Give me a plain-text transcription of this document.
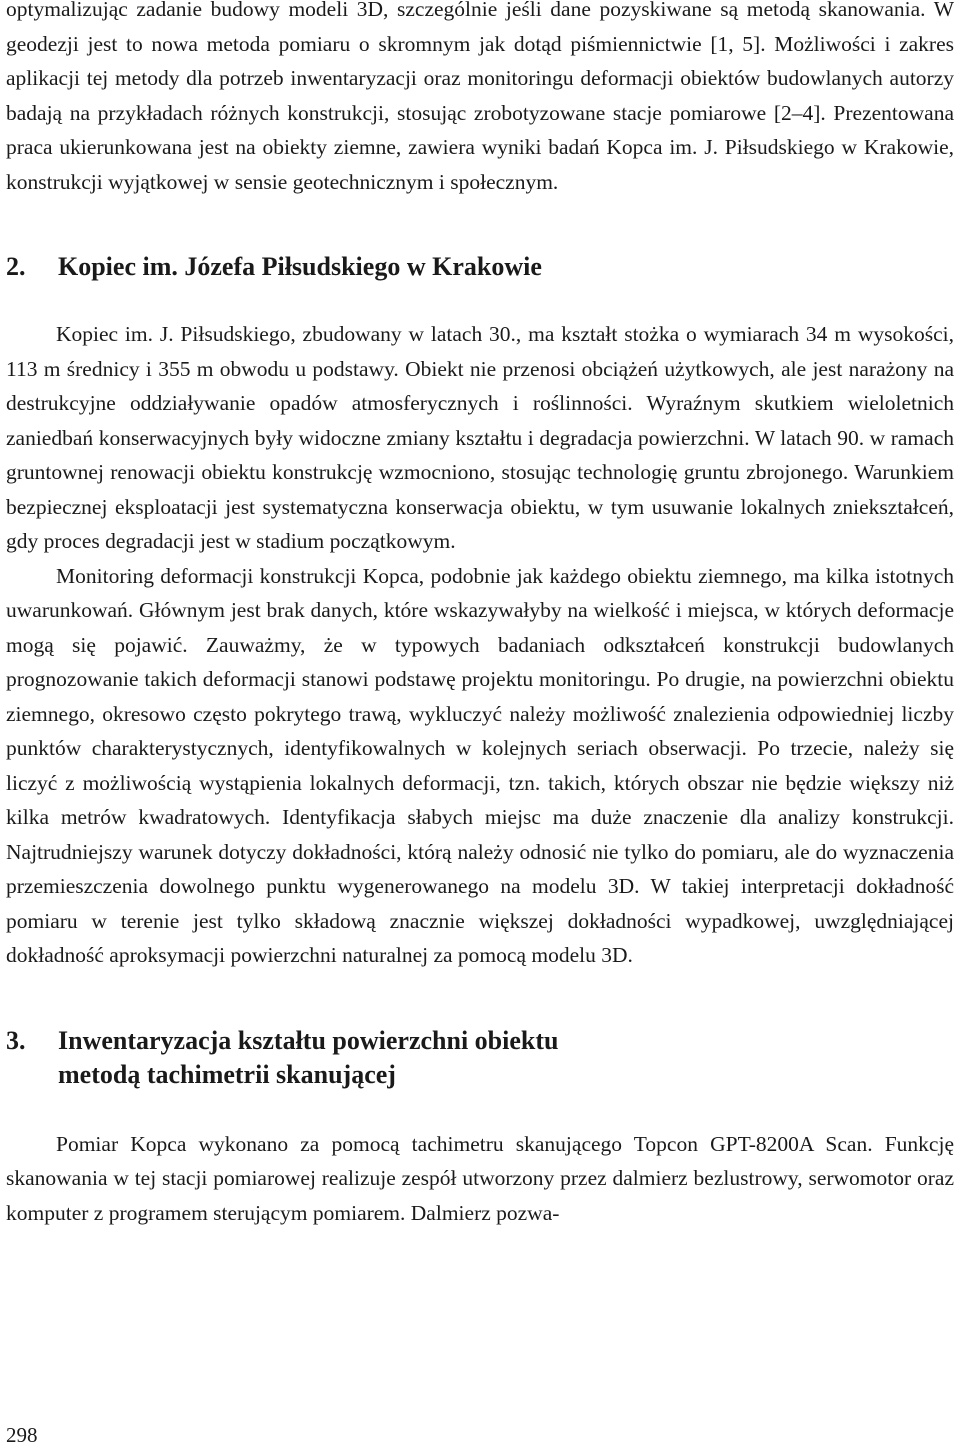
optymalizując zadanie budowy modeli 3D, szczególnie jeśli dane pozyskiwane są metodą skanowania. W geodezji jest to nowa metoda pomiaru o skromnym jak dotąd piśmiennictwie [1, 5]. Możliwości i zakres aplikacji tej metody dla potrzeb inwentaryzacji oraz monitoringu deformacji obiektów budowlanych autorzy badają na przykładach różnych konstrukcji, stosując zrobotyzowane stacje pomiarowe [2–4]. Prezentowana praca ukierunkowana jest na obiekty ziemne, zawiera wyniki badań Kopca im. J. Piłsudskiego w Krakowie, konstrukcji wyjątkowej w sensie geotechnicznym i społecznym.

2.	Kopiec im. Józefa Piłsudskiego w Krakowie

Kopiec im. J. Piłsudskiego, zbudowany w latach 30., ma kształt stożka o wymiarach 34 m wysokości, 113 m średnicy i 355 m obwodu u podstawy. Obiekt nie przenosi obciążeń użytkowych, ale jest narażony na destrukcyjne oddziaływanie opadów atmosferycznych i roślinności. Wyraźnym skutkiem wieloletnich zaniedbań konserwacyjnych były widoczne zmiany kształtu i degradacja powierzchni. W latach 90. w ramach gruntownej renowacji obiektu konstrukcję wzmocniono, stosując technologię gruntu zbrojonego. Warunkiem bezpiecznej eksploatacji jest systematyczna konserwacja obiektu, w tym usuwanie lokalnych zniekształceń, gdy proces degradacji jest w stadium początkowym.

Monitoring deformacji konstrukcji Kopca, podobnie jak każdego obiektu ziemnego, ma kilka istotnych uwarunkowań. Głównym jest brak danych, które wskazywałyby na wielkość i miejsca, w których deformacje mogą się pojawić. Zauważmy, że w typowych badaniach odkształceń konstrukcji budowlanych prognozowanie takich deformacji stanowi podstawę projektu monitoringu. Po drugie, na powierzchni obiektu ziemnego, okresowo często pokrytego trawą, wykluczyć należy możliwość znalezienia odpowiedniej liczby punktów charakterystycznych, identyfikowalnych w kolejnych seriach obserwacji. Po trzecie, należy się liczyć z możliwością wystąpienia lokalnych deformacji, tzn. takich, których obszar nie będzie większy niż kilka metrów kwadratowych. Identyfikacja słabych miejsc ma duże znaczenie dla analizy konstrukcji. Najtrudniejszy warunek dotyczy dokładności, którą należy odnosić nie tylko do pomiaru, ale do wyznaczenia przemieszczenia dowolnego punktu wygenerowanego na modelu 3D. W takiej interpretacji dokładność pomiaru w terenie jest tylko składową znacznie większej dokładności wypadkowej, uwzględniającej dokładność aproksymacji powierzchni naturalnej za pomocą modelu 3D.

3.	Inwentaryzacja kształtu powierzchni obiektu
metodą tachimetrii skanującej

Pomiar Kopca wykonano za pomocą tachimetru skanującego Topcon GPT-8200A Scan. Funkcję skanowania w tej stacji pomiarowej realizuje zespół utworzony przez dalmierz bezlustrowy, serwomotor oraz komputer z programem sterującym pomiarem. Dalmierz pozwa-

298
